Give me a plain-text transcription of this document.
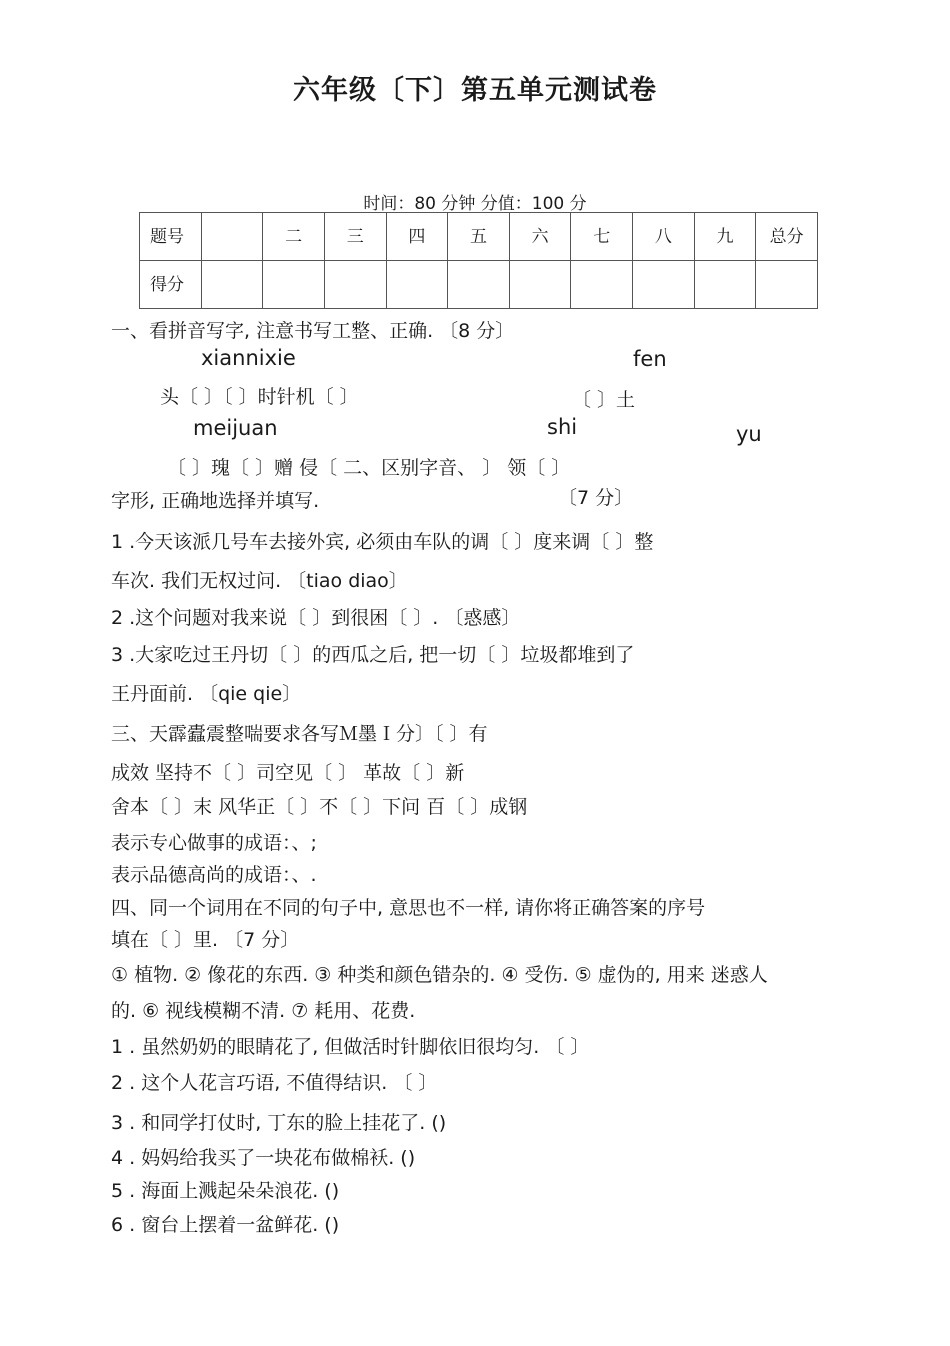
六年级〔下〕第五单元测试卷
时间：80 分钟 分值：100 分
题号		二	三	四	五	六	七	八	九	总分
得分										
一、看拼音写字, 注意书写工整、正确. 〔8 分〕
xiannixie	fen
头〔 〕〔 〕时针机〔 〕	〔 〕土
meijuan	shi	yu
〔 〕瑰〔 〕赠 侵〔 二、区别字音、 〕 领〔 〕
字形, 正确地选择并填写.	〔7 分〕
1 .今天该派几号车去接外宾, 必须由车队的调〔 〕度来调〔 〕整
车次. 我们无权过问. 〔tiao diao〕
2 .这个问题对我来说〔 〕到很困〔 〕. 〔惑感〕
3 .大家吃过王丹切〔 〕的西瓜之后, 把一切〔 〕垃圾都堆到了
王丹面前. 〔qie qie〕
三、天霹蠹震整喘要求各写Ｍ墨Ｉ分〕〔 〕有
成效 坚持不〔 〕司空见〔 〕 革故〔 〕新
舍本〔 〕末 风华正〔 〕不〔 〕下问 百〔 〕成钢
表示专心做事的成语：、;
表示品德高尚的成语：、.
四、同一个词用在不同的句子中, 意思也不一样, 请你将正确答案的序号
填在〔 〕里. 〔7 分〕
① 植物. ② 像花的东西. ③ 种类和颜色错杂的. ④ 受伤. ⑤ 虚伪的, 用来 迷惑人
的. ⑥ 视线模糊不清. ⑦ 耗用、花费.
1 . 虽然奶奶的眼睛花了, 但做活时针脚依旧很均匀. 〔 〕
2 . 这个人花言巧语, 不值得结识. 〔 〕
3 . 和同学打仗时, 丁东的脸上挂花了. ()
4 . 妈妈给我买了一块花布做棉袄. ()
5 . 海面上溅起朵朵浪花. ()
6 . 窗台上摆着一盆鲜花. ()
